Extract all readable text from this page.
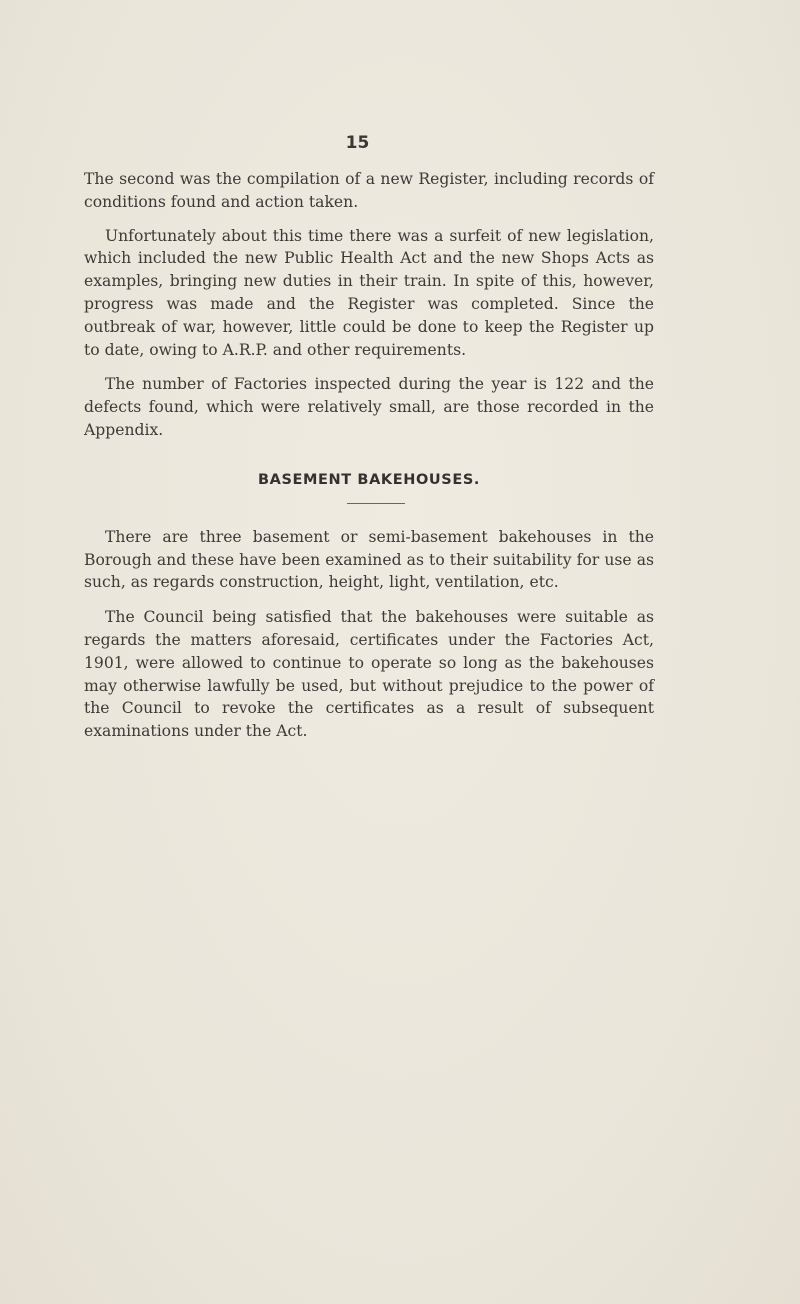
15

The second was the compilation of a new Register, including records of conditions found and action taken.

Unfortunately about this time there was a surfeit of new legislation, which included the new Public Health Act and the new Shops Acts as examples, bringing new duties in their train. In spite of this, however, progress was made and the Register was completed. Since the outbreak of war, however, little could be done to keep the Register up to date, owing to A.R.P. and other requirements.

The number of Factories inspected during the year is 122 and the defects found, which were relatively small, are those recorded in the Appendix.

BASEMENT BAKEHOUSES.

There are three basement or semi-basement bakehouses in the Borough and these have been examined as to their suitability for use as such, as regards construction, height, light, ventilation, etc.

The Council being satisfied that the bakehouses were suitable as regards the matters aforesaid, certificates under the Factories Act, 1901, were allowed to continue to operate so long as the bakehouses may otherwise lawfully be used, but without prejudice to the power of the Council to revoke the certificates as a result of subsequent examinations under the Act.
